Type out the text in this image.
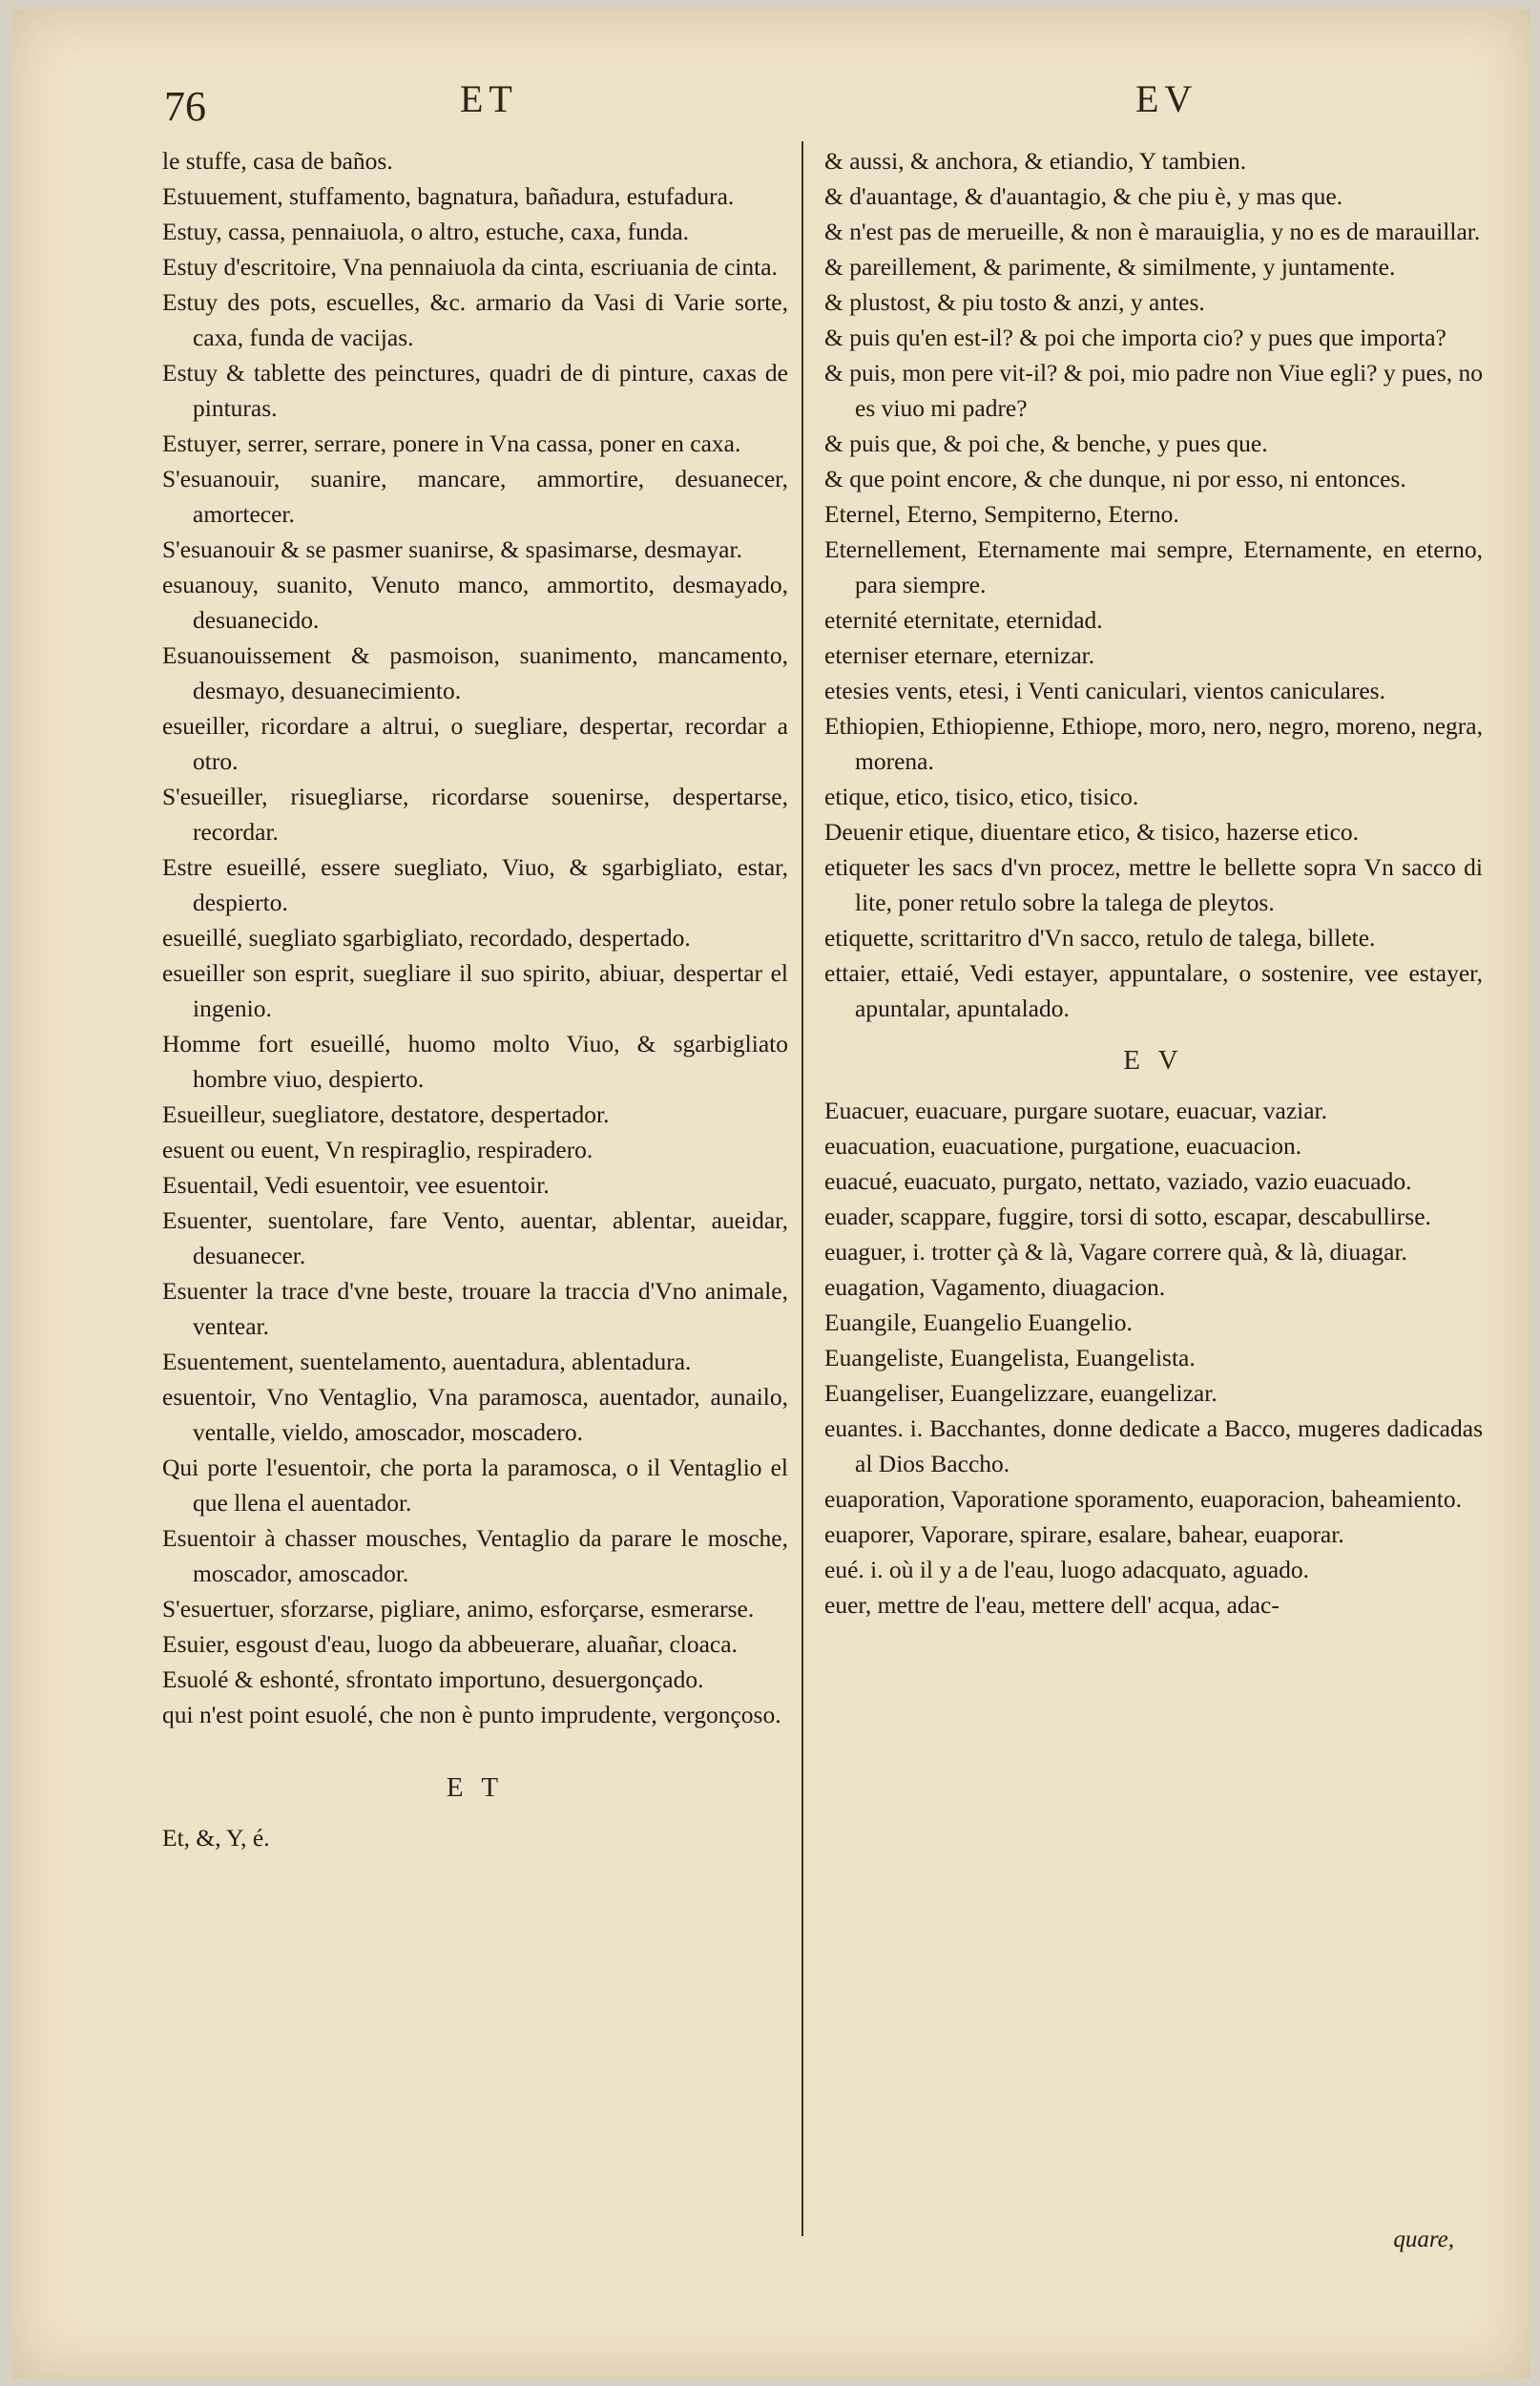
76	ET	EV

le stuffe, casa de baños.

Estuuement, stuffamento, bagnatura, bañadura, estufadura.

Estuy, cassa, pennaiuola, o altro, estuche, caxa, funda.

Estuy d'escritoire, Vna pennaiuola da cinta, escriuania de cinta.

Estuy des pots, escuelles, &c. armario da Vasi di Varie sorte, caxa, funda de vacijas.

Estuy & tablette des peinctures, quadri de di pinture, caxas de pinturas.

Estuyer, serrer, serrare, ponere in Vna cassa, poner en caxa.

S'esuanouir, suanire, mancare, ammortire, desuanecer, amortecer.

S'esuanouir & se pasmer suanirse, & spasimarse, desmayar.

esuanouy, suanito, Venuto manco, ammortito, desmayado, desuanecido.

Esuanouissement & pasmoison, suanimento, mancamento, desmayo, desuanecimiento.

esueiller, ricordare a altrui, o suegliare, despertar, recordar a otro.

S'esueiller, risuegliarse, ricordarse souenirse, despertarse, recordar.

Estre esueillé, essere suegliato, Viuo, & sgarbigliato, estar, despierto.

esueillé, suegliato sgarbigliato, recordado, despertado.

esueiller son esprit, suegliare il suo spirito, abiuar, despertar el ingenio.

Homme fort esueillé, huomo molto Viuo, & sgarbigliato hombre viuo, despierto.

Esueilleur, suegliatore, destatore, despertador.

esuent ou euent, Vn respiraglio, respiradero.

Esuentail, Vedi esuentoir, vee esuentoir.

Esuenter, suentolare, fare Vento, auentar, ablentar, aueidar, desuanecer.

Esuenter la trace d'vne beste, trouare la traccia d'Vno animale, ventear.

Esuentement, suentelamento, auentadura, ablentadura.

esuentoir, Vno Ventaglio, Vna paramosca, auentador, aunailo, ventalle, vieldo, amoscador, moscadero.

Qui porte l'esuentoir, che porta la paramosca, o il Ventaglio el que llena el auentador.

Esuentoir à chasser mousches, Ventaglio da parare le mosche, moscador, amoscador.

S'esuertuer, sforzarse, pigliare, animo, esforçarse, esmerarse.

Esuier, esgoust d'eau, luogo da abbeuerare, aluañar, cloaca.

Esuolé & eshonté, sfrontato importuno, desuergonçado.

qui n'est point esuolé, che non è punto imprudente, vergonçoso.

E T

Et, &, Y, é.

& aussi, & anchora, & etiandio, Y tambien.

& d'auantage, & d'auantagio, & che piu è, y mas que.

& n'est pas de merueille, & non è marauiglia, y no es de marauillar.

& pareillement, & parimente, & similmente, y juntamente.

& plustost, & piu tosto & anzi, y antes.

& puis qu'en est-il? & poi che importa cio? y pues que importa?

& puis, mon pere vit-il? & poi, mio padre non Viue egli? y pues, no es viuo mi padre?

& puis que, & poi che, & benche, y pues que.

& que point encore, & che dunque, ni por esso, ni entonces.

Eternel, Eterno, Sempiterno, Eterno.

Eternellement, Eternamente mai sempre, Eternamente, en eterno, para siempre.

eternité eternitate, eternidad.

eterniser eternare, eternizar.

etesies vents, etesi, i Venti caniculari, vientos caniculares.

Ethiopien, Ethiopienne, Ethiope, moro, nero, negro, moreno, negra, morena.

etique, etico, tisico, etico, tisico.

Deuenir etique, diuentare etico, & tisico, hazerse etico.

etiqueter les sacs d'vn procez, mettre le bellette sopra Vn sacco di lite, poner retulo sobre la talega de pleytos.

etiquette, scrittaritro d'Vn sacco, retulo de talega, billete.

ettaier, ettaié, Vedi estayer, appuntalare, o sostenire, vee estayer, apuntalar, apuntalado.

E V

Euacuer, euacuare, purgare suotare, euacuar, vaziar.

euacuation, euacuatione, purgatione, euacuacion.

euacué, euacuato, purgato, nettato, vaziado, vazio euacuado.

euader, scappare, fuggire, torsi di sotto, escapar, descabullirse.

euaguer, i. trotter çà & là, Vagare correre quà, & là, diuagar.

euagation, Vagamento, diuagacion.

Euangile, Euangelio Euangelio.

Euangeliste, Euangelista, Euangelista.

Euangeliser, Euangelizzare, euangelizar.

euantes. i. Bacchantes, donne dedicate a Bacco, mugeres dadicadas al Dios Baccho.

euaporation, Vaporatione sporamento, euaporacion, baheamiento.

euaporer, Vaporare, spirare, esalare, bahear, euaporar.

eué. i. où il y a de l'eau, luogo adacquato, aguado.

euer, mettre de l'eau, mettere dell' acqua, adac-

quare,
